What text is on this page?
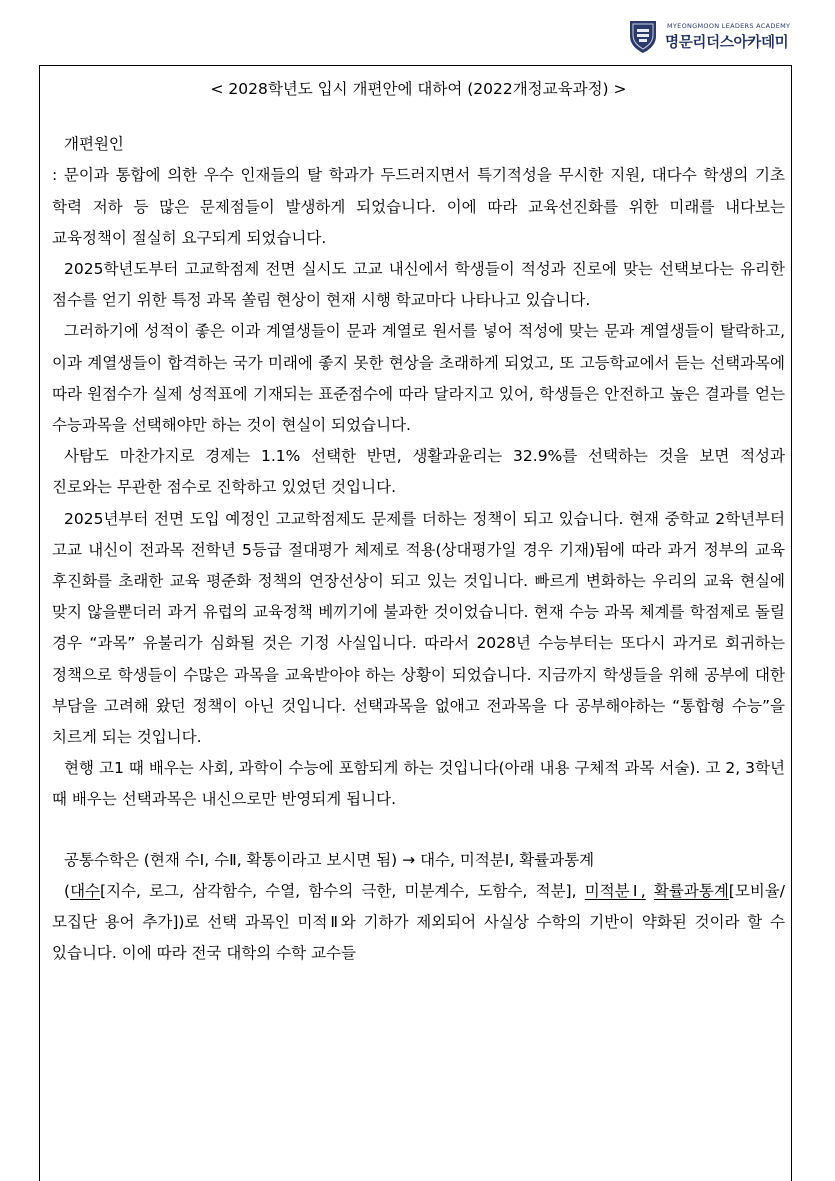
MYEONGMOON LEADERS ACADEMY
명문리더스아카데미
< 2028학년도 입시 개편안에 대하여 (2022개정교육과정) >
개편원인
: 문이과 통합에 의한 우수 인재들의 탈 학과가 두드러지면서 특기적성을 무시한 지원, 대다수 학생의 기초 학력 저하 등 많은 문제점들이 발생하게 되었습니다. 이에 따라 교육선진화를 위한 미래를 내다보는 교육정책이 절실히 요구되게 되었습니다.
2025학년도부터 고교학점제 전면 실시도 고교 내신에서 학생들이 적성과 진로에 맞는 선택보다는 유리한 점수를 얻기 위한 특정 과목 쏠림 현상이 현재 시행 학교마다 나타나고 있습니다.
그러하기에 성적이 좋은 이과 계열생들이 문과 계열로 원서를 넣어 적성에 맞는 문과 계열생들이 탈락하고, 이과 계열생들이 합격하는 국가 미래에 좋지 못한 현상을 초래하게 되었고, 또 고등학교에서 듣는 선택과목에 따라 원점수가 실제 성적표에 기재되는 표준점수에 따라 달라지고 있어, 학생들은 안전하고 높은 결과를 얻는 수능과목을 선택해야만 하는 것이 현실이 되었습니다.
사탐도 마찬가지로 경제는 1.1% 선택한 반면, 생활과윤리는 32.9%를 선택하는 것을 보면 적성과 진로와는 무관한 점수로 진학하고 있었던 것입니다.
2025년부터 전면 도입 예정인 고교학점제도 문제를 더하는 정책이 되고 있습니다. 현재 중학교 2학년부터 고교 내신이 전과목 전학년 5등급 절대평가 체제로 적용(상대평가일 경우 기재)됨에 따라 과거 정부의 교육 후진화를 초래한 교육 평준화 정책의 연장선상이 되고 있는 것입니다. 빠르게 변화하는 우리의 교육 현실에 맞지 않을뿐더러 과거 유럽의 교육정책 베끼기에 불과한 것이었습니다. 현재 수능 과목 체계를 학점제로 돌릴 경우 “과목” 유불리가 심화될 것은 기정 사실입니다. 따라서 2028년 수능부터는 또다시 과거로 회귀하는 정책으로 학생들이 수많은 과목을 교육받아야 하는 상황이 되었습니다. 지금까지 학생들을 위해 공부에 대한 부담을 고려해 왔던 정책이 아닌 것입니다. 선택과목을 없애고 전과목을 다 공부해야하는 “통합형 수능”을 치르게 되는 것입니다.
현행 고1 때 배우는 사회, 과학이 수능에 포함되게 하는 것입니다(아래 내용 구체적 과목 서술). 고 2, 3학년 때 배우는 선택과목은 내신으로만 반영되게 됩니다.
공통수학은 (현재 수Ⅰ, 수Ⅱ, 확통이라고 보시면 됨) → 대수, 미적분Ⅰ, 확률과통계
(대수[지수, 로그, 삼각함수, 수열, 함수의 극한, 미분계수, 도함수, 적분], 미적분Ⅰ, 확률과통계[모비율/모집단 용어 추가])로 선택 과목인 미적Ⅱ와 기하가 제외되어 사실상 수학의 기반이 약화된 것이라 할 수 있습니다. 이에 따라 전국 대학의 수학 교수들
